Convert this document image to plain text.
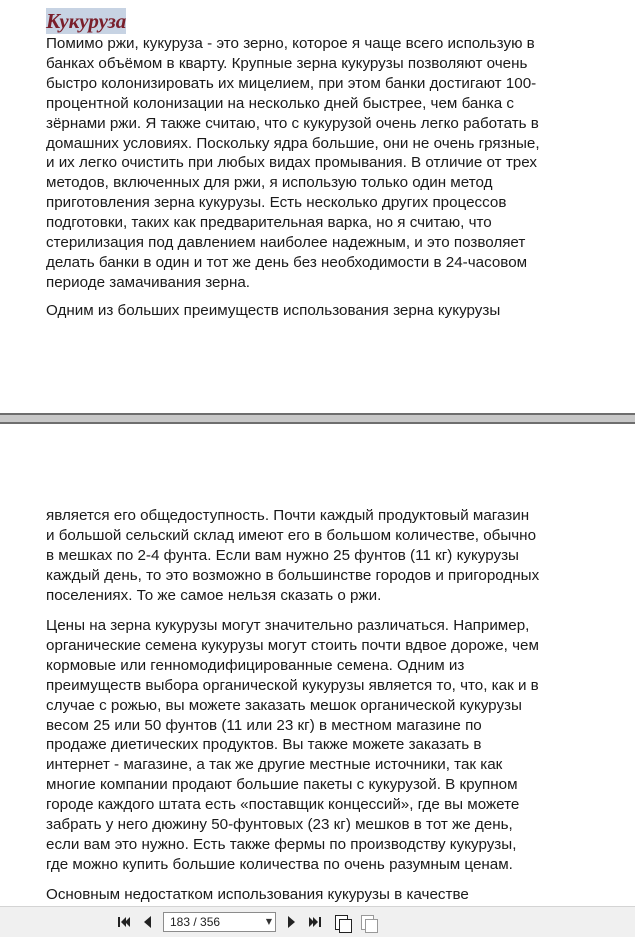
Кукуруза

Помимо ржи, кукуруза - это зерно, которое я чаще всего использую в
банках объёмом в кварту. Крупные зерна кукурузы позволяют очень
быстро колонизировать их мицелием, при этом банки достигают 100-
процентной колонизации на несколько дней быстрее, чем банка с
зёрнами ржи. Я также считаю, что с кукурузой очень легко работать в
домашних условиях. Поскольку ядра большие, они не очень грязные,
и их легко очистить при любых видах промывания. В отличие от трех
методов, включенных для ржи, я использую только один метод
приготовления зерна кукурузы. Есть несколько других процессов
подготовки, таких как предварительная варка, но я считаю, что
стерилизация под давлением наиболее надежным, и это позволяет
делать банки в один и тот же день без необходимости в 24-часовом
периоде замачивания зерна.

Одним из больших преимуществ использования зерна кукурузы

является его общедоступность. Почти каждый продуктовый магазин
и большой сельский склад имеют его в большом количестве, обычно
в мешках по 2-4 фунта. Если вам нужно 25 фунтов (11 кг) кукурузы
каждый день, то это возможно в большинстве городов и пригородных
поселениях. То же самое нельзя сказать о ржи.

Цены на зерна кукурузы могут значительно различаться. Например,
органические семена кукурузы могут стоить почти вдвое дороже, чем
кормовые или генномодифицированные семена. Одним из
преимуществ выбора органической кукурузы является то, что, как и в
случае с рожью, вы можете заказать мешок органической кукурузы
весом 25 или 50 фунтов (11 или 23 кг) в местном магазине по
продаже диетических продуктов. Вы также можете заказать в
интернет - магазине, а так же другие местные источники, так как
многие компании продают большие пакеты с кукурузой. В крупном
городе каждого штата есть «поставщик концессий», где вы можете
забрать у него дюжину 50-фунтовых (23 кг) мешков в тот же день,
если вам это нужно. Есть также фермы по производству кукурузы,
где можно купить большие количества по очень разумным ценам.

Основным недостатком использования кукурузы в качестве

183 / 356	▼
